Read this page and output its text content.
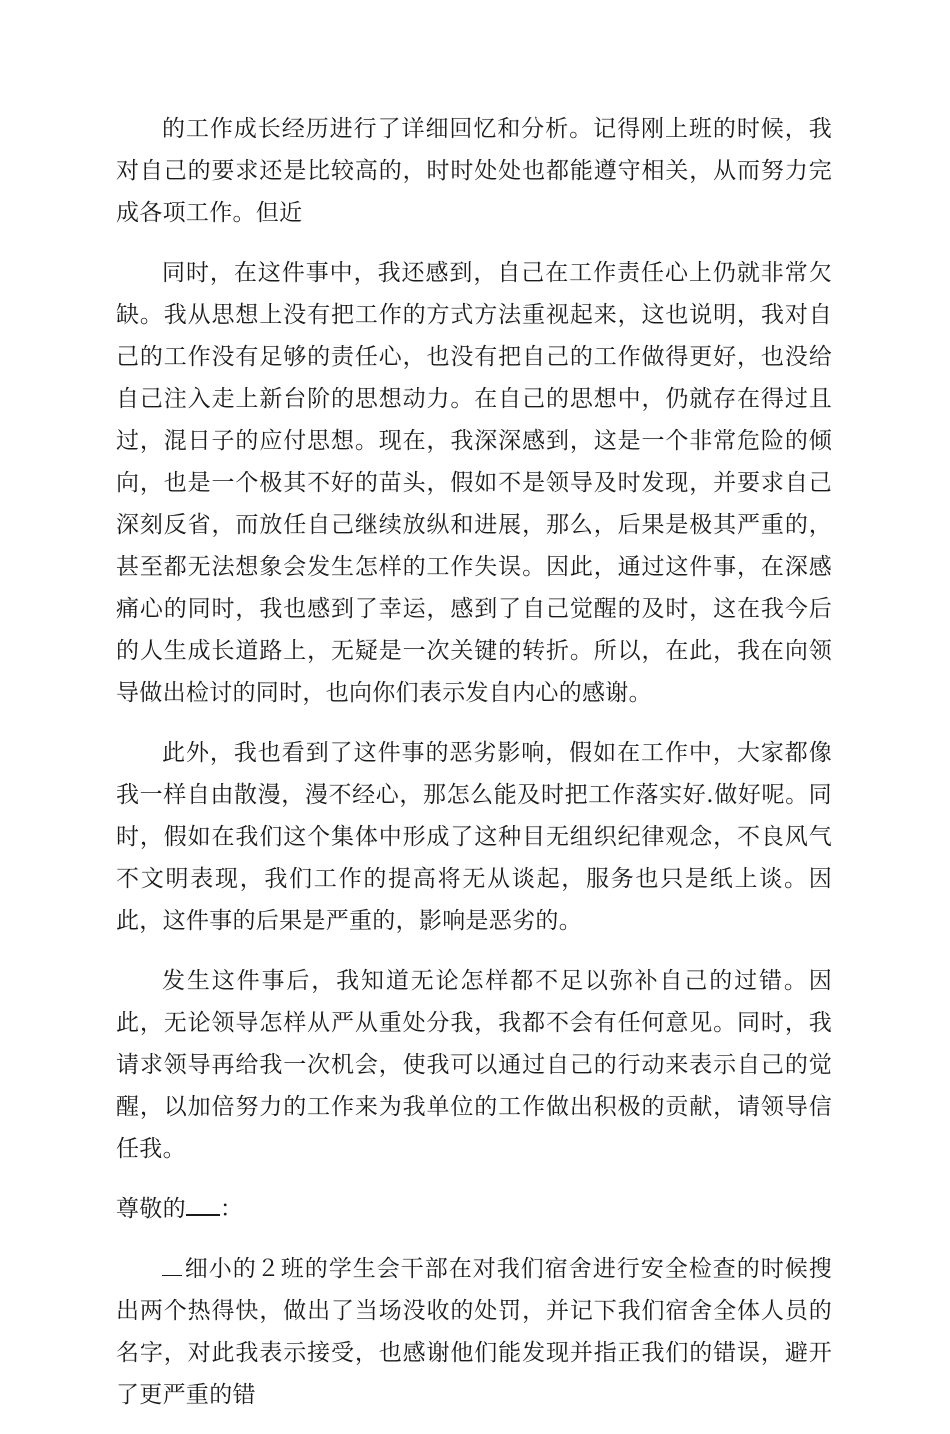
的工作成长经历进行了详细回忆和分析。记得刚上班的时候，我对自己的要求还是比较高的，时时处处也都能遵守相关，从而努力完成各项工作。但近

同时，在这件事中，我还感到，自己在工作责任心上仍就非常欠缺。我从思想上没有把工作的方式方法重视起来，这也说明，我对自己的工作没有足够的责任心，也没有把自己的工作做得更好，也没给自己注入走上新台阶的思想动力。在自己的思想中，仍就存在得过且过，混日子的应付思想。现在，我深深感到，这是一个非常危险的倾向，也是一个极其不好的苗头，假如不是领导及时发现，并要求自己深刻反省，而放任自己继续放纵和进展，那么，后果是极其严重的，甚至都无法想象会发生怎样的工作失误。因此，通过这件事，在深感痛心的同时，我也感到了幸运，感到了自己觉醒的及时，这在我今后的人生成长道路上，无疑是一次关键的转折。所以，在此，我在向领导做出检讨的同时，也向你们表示发自内心的感谢。

此外，我也看到了这件事的恶劣影响，假如在工作中，大家都像我一样自由散漫，漫不经心，那怎么能及时把工作落实好.做好呢。同时，假如在我们这个集体中形成了这种目无组织纪律观念，不良风气不文明表现，我们工作的提高将无从谈起，服务也只是纸上谈。因此，这件事的后果是严重的，影响是恶劣的。

发生这件事后，我知道无论怎样都不足以弥补自己的过错。因此，无论领导怎样从严从重处分我，我都不会有任何意见。同时，我请求领导再给我一次机会，使我可以通过自己的行动来表示自己的觉醒，以加倍努力的工作来为我单位的工作做出积极的贡献，请领导信任我。

尊敬的 ：

细小的２班的学生会干部在对我们宿舍进行安全检查的时候搜出两个热得快，做出了当场没收的处罚，并记下我们宿舍全体人员的名字，对此我表示接受，也感谢他们能发现并指正我们的错误，避开了更严重的错
